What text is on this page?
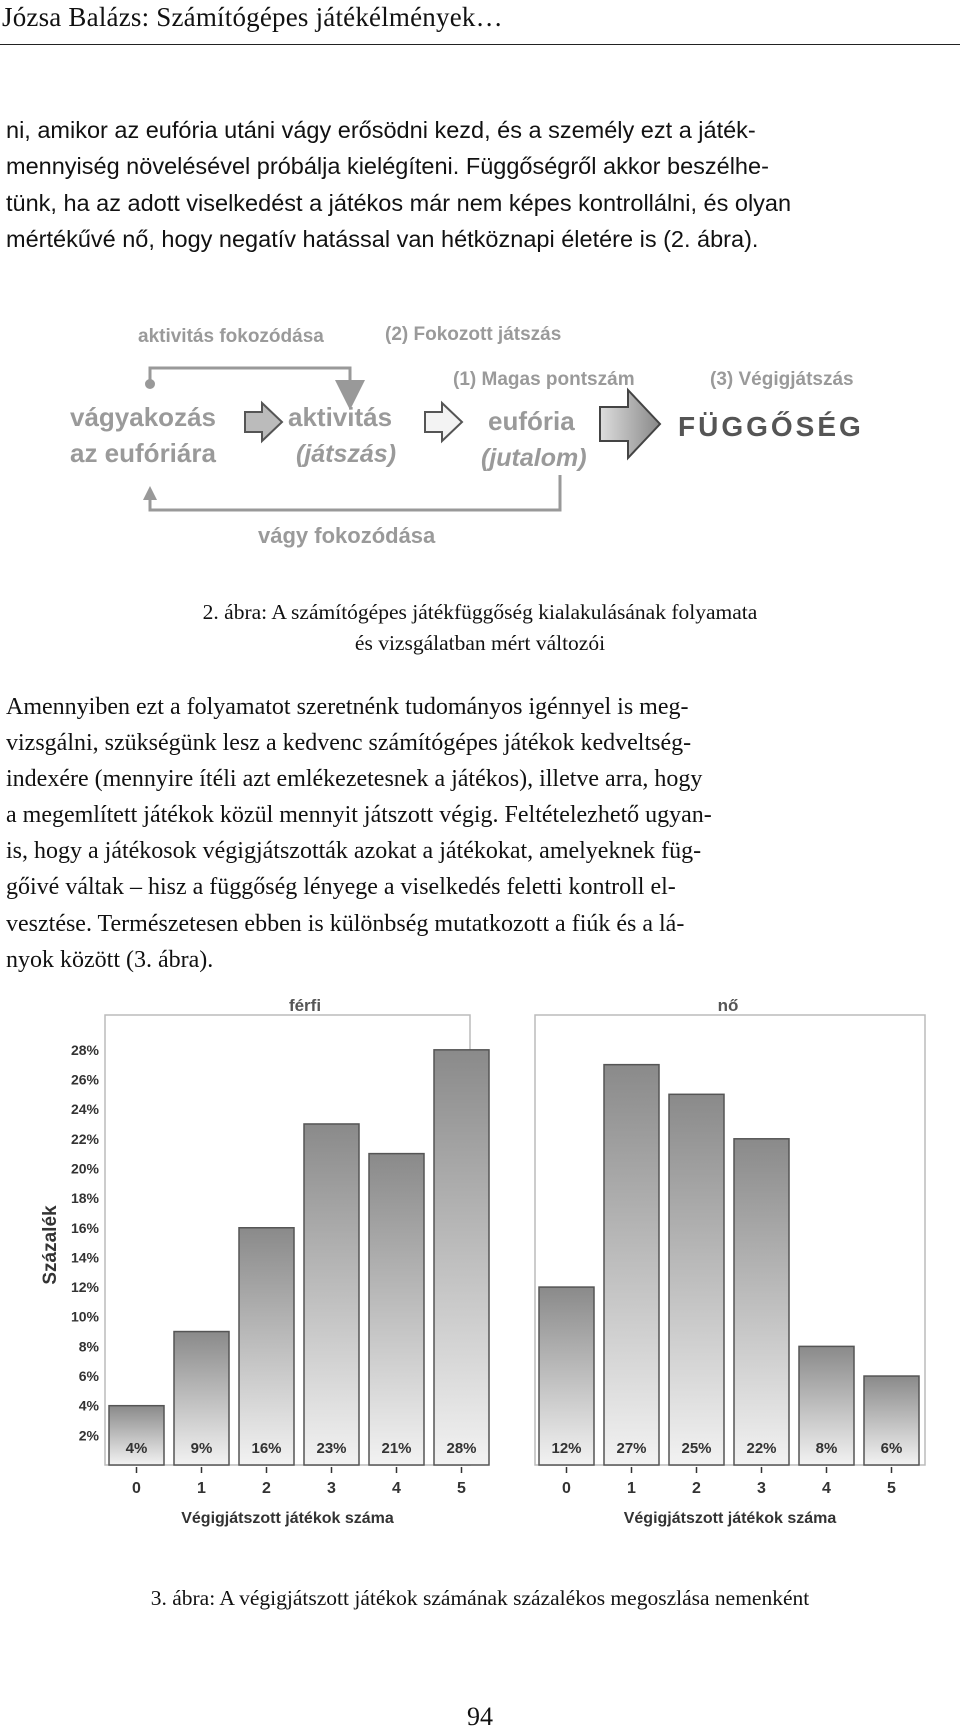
Józsa Balázs: Számítógépes játékélmények…

ni, amikor az eufória utáni vágy erősödni kezd, és a személy ezt a játék-

mennyiség növelésével próbálja kielégíteni. Függőségről akkor beszélhe-

tünk, ha az adott viselkedést a játékos már nem képes kontrollálni, és olyan

mértékűvé nő, hogy negatív hatással van hétköznapi életére is (2. ábra).

aktivitás fokozódása	(2) Fokozott játszás
(1) Magas pontszám	(3) Végigjátszás
vágyakozás
az eufóriára
aktivitás
(játszás)
eufória
(jutalom)
FÜGGŐSÉG
vágy fokozódása
2. ábra: A számítógépes játékfüggőség kialakulásának folyamata
és vizsgálatban mért változói

Amennyiben ezt a folyamatot szeretnénk tudományos igénnyel is meg-

vizsgálni, szükségünk lesz a kedvenc számítógépes játékok kedveltség-

indexére (mennyire ítéli azt emlékezetesnek a játékos), illetve arra, hogy

a megemlített játékok közül mennyit játszott végig. Feltételezhető ugyan-

is, hogy a játékosok végigjátszották azokat a játékokat, amelyeknek füg-

gőivé váltak – hisz a függőség lényege a viselkedés feletti kontroll el-

vesztése. Természetesen ebben is különbség mutatkozott a fiúk és a lá-

nyok között (3. ábra).

férfi
4%
0
9%
1
16%
2
23%
3
21%
4
28%
5
Végigjátszott játékok száma
2%
4%
6%
8%
10%
12%
14%
16%
18%
20%
22%
24%
26%
28%
Százalék
nő
12%
0
27%
1
25%
2
22%
3
8%
4
6%
5
Végigjátszott játékok száma
3. ábra: A végigjátszott játékok számának százalékos megoszlása nemenként
94
